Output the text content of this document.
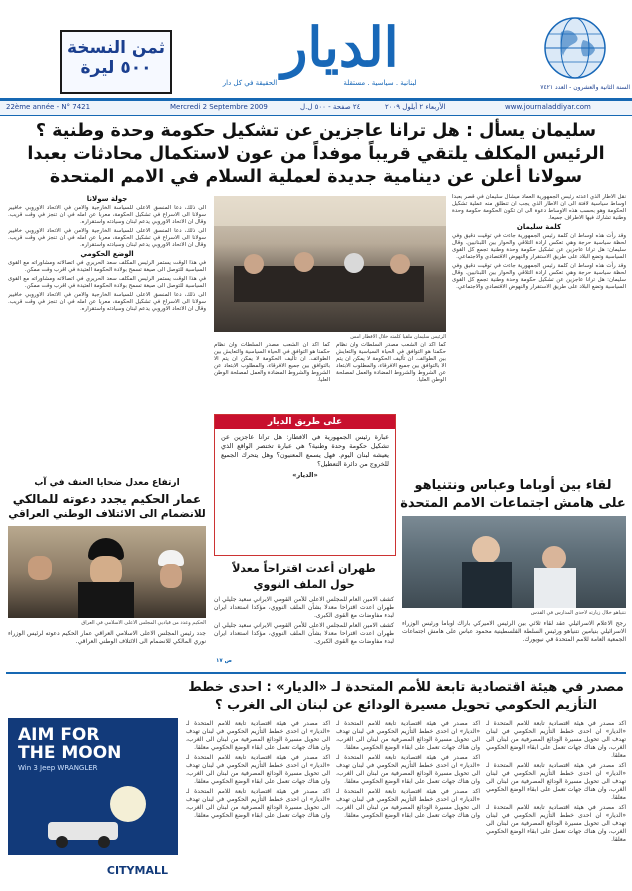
ثمن النسخة
٥٠٠ ليرة	الديار
الحقيقة في كل دار	لبنانية . سياسية . مستقلة
السنة الثانية والعشرون - العدد ٧٤٢١
22ème année - N° 7421	Mercredi 2 Septembre 2009	٢٤ صفحة - ٥٠٠ ل.ل	الأربعاء ٢ أيلول ٢٠٠٩	www.journaladdiyar.com
سليمان يسأل : هل ترانا عاجزين عن تشكيل حكومة وحدة وطنية ؟
الرئيس المكلف يلتقي قريباً موفداً من عون لاستكمال محادثات بعبدا
سولانا أعلن عن دينامية جديدة لعملية السلام في الامم المتحدة

نقل الاطار الذي اعدته رئيس الجمهورية العماد ميشال سليمان في قصر بعبدا اوساط سياسية لافتة الى ان الاطار الذي يجب ان تنطلق منه عملية تشكيل الحكومة وهو بحسب هذه الاوساط دعوة الى ان تكون الحكومة حكومة وحدة وطنية تشارك فيها الاطراف جميعا.

كلمة سليمان

وقد رأت هذه اوساط ان كلمة رئيس الجمهورية جاءت في توقيت دقيق وفي لحظة سياسية حرجة وهي تعكس ارادة التلاقي والحوار بين اللبنانيين. وقال سليمان: هل ترانا عاجزين عن تشكيل حكومة وحدة وطنية تجمع كل القوى السياسية وتضع البلاد على طريق الاستقرار والنهوض الاقتصادي والاجتماعي.

وقد رأت هذه اوساط ان كلمة رئيس الجمهورية جاءت في توقيت دقيق وفي لحظة سياسية حرجة وهي تعكس ارادة التلاقي والحوار بين اللبنانيين. وقال سليمان: هل ترانا عاجزين عن تشكيل حكومة وحدة وطنية تجمع كل القوى السياسية وتضع البلاد على طريق الاستقرار والنهوض الاقتصادي والاجتماعي.

الرئيس سليمان ملقياً كلمته خلال الافطار أمس

كما اكد ان الشعب مصدر السلطات وان نظام حكمنا هو التوافق في الحياة السياسية والتعايش بين الطوائف. ان تأليف الحكومة لا يمكن ان يتم الا بالتوافق بين جميع الافرقاء، والمطلوب الابتعاد عن الشروط والشروط المضادة والعمل لمصلحة الوطن العليا.

كما اكد ان الشعب مصدر السلطات وان نظام حكمنا هو التوافق في الحياة السياسية والتعايش بين الطوائف. ان تأليف الحكومة لا يمكن ان يتم الا بالتوافق بين جميع الافرقاء، والمطلوب الابتعاد عن الشروط والشروط المضادة والعمل لمصلحة الوطن العليا.

جولة سولانا

الى ذلك، دعا المنسق الاعلى للسياسة الخارجية والامن في الاتحاد الاوروبي خافيير سولانا الى الاسراع في تشكيل الحكومة، معربا عن امله في ان تنجز في وقت قريب. وقال ان الاتحاد الاوروبي يدعم لبنان وسيادته واستقراره.

الى ذلك، دعا المنسق الاعلى للسياسة الخارجية والامن في الاتحاد الاوروبي خافيير سولانا الى الاسراع في تشكيل الحكومة، معربا عن امله في ان تنجز في وقت قريب. وقال ان الاتحاد الاوروبي يدعم لبنان وسيادته واستقراره.

الوضع الحكومي

في هذا الوقت يستمر الرئيس المكلف سعد الحريري في اتصالاته ومشاوراته مع القوى السياسية للتوصل الى صيغة تسمح بولادة الحكومة العتيدة في اقرب وقت ممكن.

في هذا الوقت يستمر الرئيس المكلف سعد الحريري في اتصالاته ومشاوراته مع القوى السياسية للتوصل الى صيغة تسمح بولادة الحكومة العتيدة في اقرب وقت ممكن.

الى ذلك، دعا المنسق الاعلى للسياسة الخارجية والامن في الاتحاد الاوروبي خافيير سولانا الى الاسراع في تشكيل الحكومة، معربا عن امله في ان تنجز في وقت قريب. وقال ان الاتحاد الاوروبي يدعم لبنان وسيادته واستقراره.

على طريق الديار

عبارة رئيس الجمهورية في الافطار: هل ترانا عاجزين عن تشكيل حكومة وحدة وطنية؟ هي عبارة تختصر الواقع الذي يعيشه لبنان اليوم. فهل يسمع المعنيون؟ وهل يتحرك الجميع للخروج من دائرة التعطيل؟

«الديار»

لقاء بين أوباما وعباس ونتنياهو
على هامش اجتماعات الامم المتحدة
نتنياهو خلال زيارته لأحدى المدارس في القدس

رجح الاعلام الاسرائيلي عقد لقاء ثلاثي بين الرئيس الاميركي باراك اوباما ورئيس الوزراء الاسرائيلي بنيامين نتنياهو ورئيس السلطة الفلسطينية محمود عباس على هامش اجتماعات الجمعية العامة للامم المتحدة في نيويورك.

طهران أعدت اقتراحاً معدلاً
حول الملف النووي

كشف الامين العام للمجلس الاعلى للأمن القومي الايراني سعيد جليلي ان طهران اعدت اقتراحا معدلا بشأن الملف النووي، مؤكدا استعداد ايران لبدء مفاوضات مع القوى الكبرى.

كشف الامين العام للمجلس الاعلى للأمن القومي الايراني سعيد جليلي ان طهران اعدت اقتراحا معدلا بشأن الملف النووي، مؤكدا استعداد ايران لبدء مفاوضات مع القوى الكبرى.

ص ١٧
ارتفاع معدل ضحايا العنف في آب
عمار الحكيم يجدد دعوته للمالكي
للانضمام الى الائتلاف الوطني العراقي
الحكيم وعدد من قياديي المجلس الاعلى الاسلامي في العراق

جدد رئيس المجلس الاعلى الاسلامي العراقي عمار الحكيم دعوته لرئيس الوزراء نوري المالكي للانضمام الى الائتلاف الوطني العراقي.

مصدر في هيئة اقتصادية تابعة للأمم المتحدة لـ «الديار» : احدى خطط
التأزيم الحكومي تحويل مسيرة الودائع عن لبنان الى الغرب ؟

اكد مصدر في هيئة اقتصادية تابعة للامم المتحدة لـ «الديار» ان احدى خطط التأزيم الحكومي في لبنان تهدف الى تحويل مسيرة الودائع المصرفية من لبنان الى الغرب، وان هناك جهات تعمل على ابقاء الوضع الحكومي معلقا.

اكد مصدر في هيئة اقتصادية تابعة للامم المتحدة لـ «الديار» ان احدى خطط التأزيم الحكومي في لبنان تهدف الى تحويل مسيرة الودائع المصرفية من لبنان الى الغرب، وان هناك جهات تعمل على ابقاء الوضع الحكومي معلقا.

اكد مصدر في هيئة اقتصادية تابعة للامم المتحدة لـ «الديار» ان احدى خطط التأزيم الحكومي في لبنان تهدف الى تحويل مسيرة الودائع المصرفية من لبنان الى الغرب، وان هناك جهات تعمل على ابقاء الوضع الحكومي معلقا.

اكد مصدر في هيئة اقتصادية تابعة للامم المتحدة لـ «الديار» ان احدى خطط التأزيم الحكومي في لبنان تهدف الى تحويل مسيرة الودائع المصرفية من لبنان الى الغرب، وان هناك جهات تعمل على ابقاء الوضع الحكومي معلقا.

اكد مصدر في هيئة اقتصادية تابعة للامم المتحدة لـ «الديار» ان احدى خطط التأزيم الحكومي في لبنان تهدف الى تحويل مسيرة الودائع المصرفية من لبنان الى الغرب، وان هناك جهات تعمل على ابقاء الوضع الحكومي معلقا.

اكد مصدر في هيئة اقتصادية تابعة للامم المتحدة لـ «الديار» ان احدى خطط التأزيم الحكومي في لبنان تهدف الى تحويل مسيرة الودائع المصرفية من لبنان الى الغرب، وان هناك جهات تعمل على ابقاء الوضع الحكومي معلقا.

اكد مصدر في هيئة اقتصادية تابعة للامم المتحدة لـ «الديار» ان احدى خطط التأزيم الحكومي في لبنان تهدف الى تحويل مسيرة الودائع المصرفية من لبنان الى الغرب، وان هناك جهات تعمل على ابقاء الوضع الحكومي معلقا.

اكد مصدر في هيئة اقتصادية تابعة للامم المتحدة لـ «الديار» ان احدى خطط التأزيم الحكومي في لبنان تهدف الى تحويل مسيرة الودائع المصرفية من لبنان الى الغرب، وان هناك جهات تعمل على ابقاء الوضع الحكومي معلقا.

اكد مصدر في هيئة اقتصادية تابعة للامم المتحدة لـ «الديار» ان احدى خطط التأزيم الحكومي في لبنان تهدف الى تحويل مسيرة الودائع المصرفية من لبنان الى الغرب، وان هناك جهات تعمل على ابقاء الوضع الحكومي معلقا.

AIM FOR
THE MOON
Win 3 Jeep WRANGLER
CITYMALL
